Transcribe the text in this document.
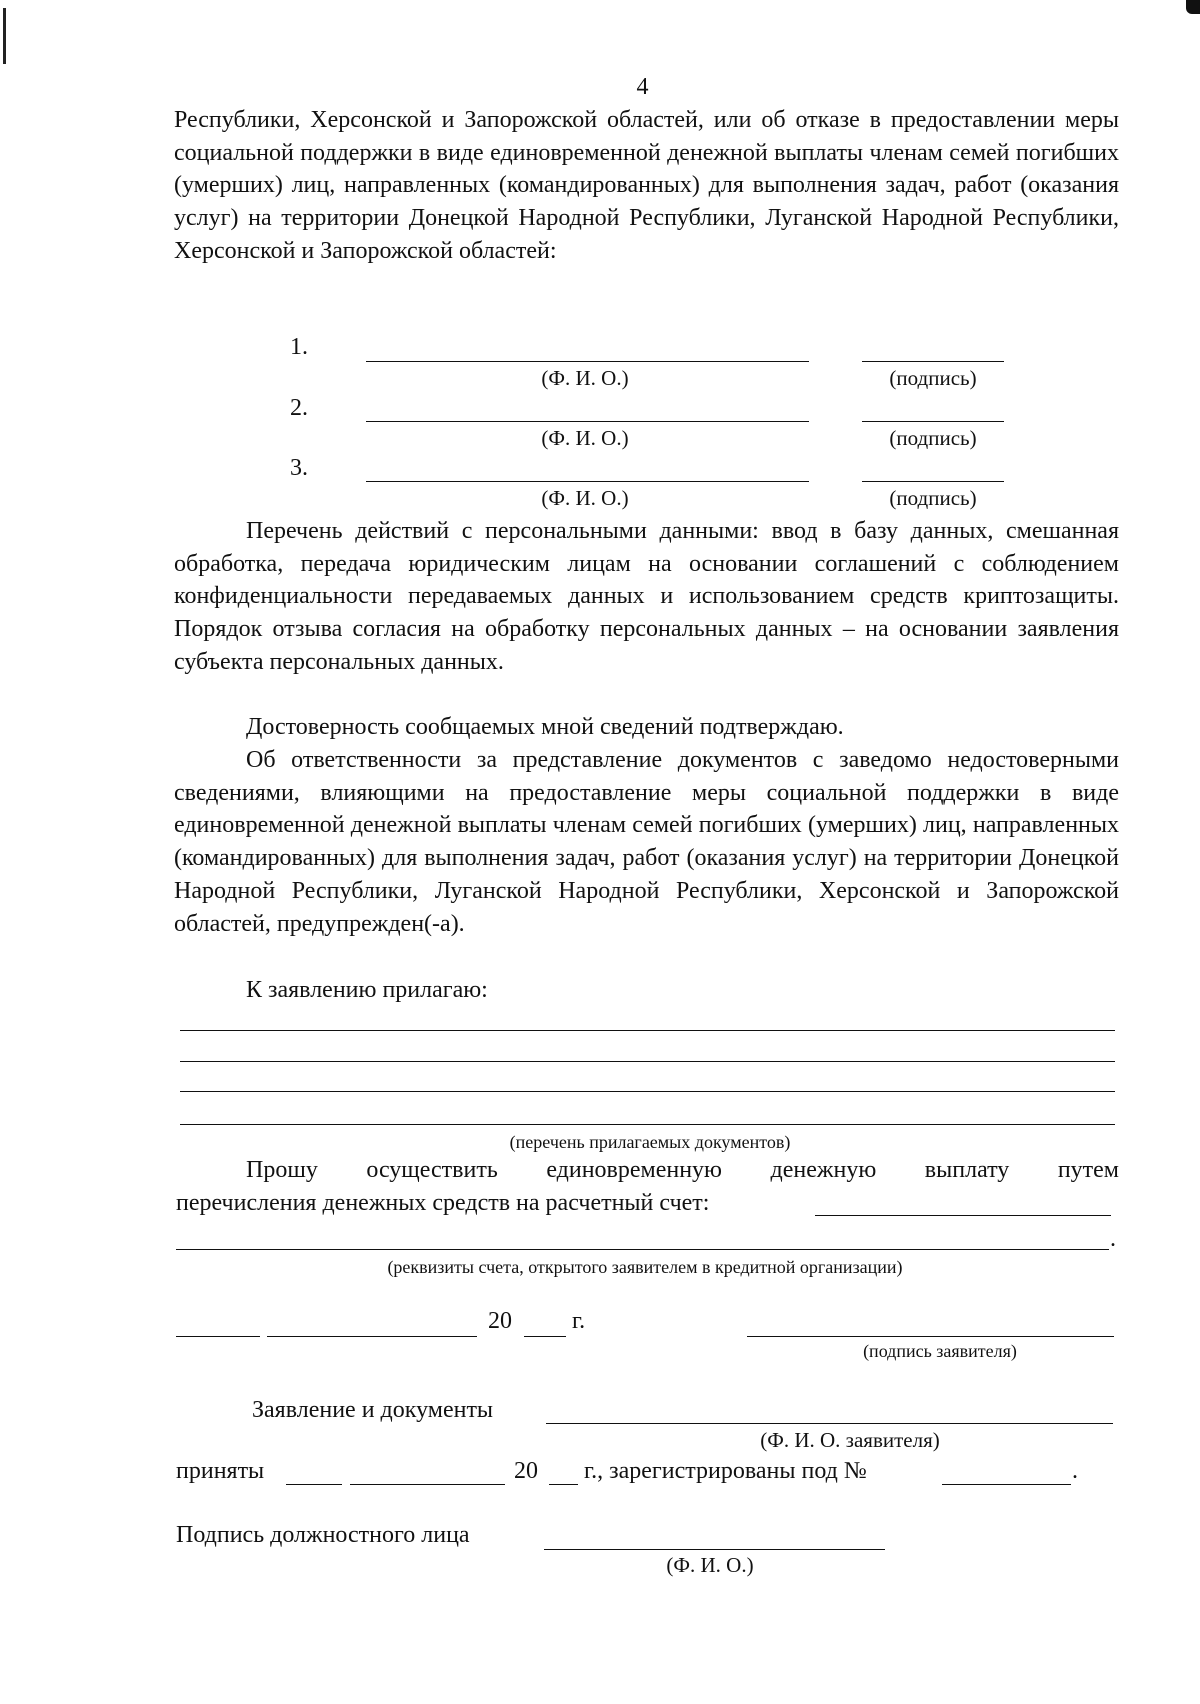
4

Республики, Херсонской и Запорожской областей, или об отказе в предоставлении меры социальной поддержки в виде единовременной денежной выплаты членам семей погибших (умерших) лиц, направленных (командированных) для выполнения задач, работ (оказания услуг) на территории Донецкой Народной Республики, Луганской Народной Республики, Херсонской и Запорожской областей:

1.
(Ф. И. О.)	(подпись)
2.
(Ф. И. О.)	(подпись)
3.
(Ф. И. О.)	(подпись)

Перечень действий с персональными данными: ввод в базу данных, смешанная обработка, передача юридическим лицам на основании соглашений с соблюдением конфиденциальности передаваемых данных и использованием средств криптозащиты. Порядок отзыва согласия на обработку персональных данных – на основании заявления субъекта персональных данных.

Достоверность сообщаемых мной сведений подтверждаю.

Об ответственности за представление документов с заведомо недостоверными сведениями, влияющими на предоставление меры социальной поддержки в виде единовременной денежной выплаты членам семей погибших (умерших) лиц, направленных (командированных) для выполнения задач, работ (оказания услуг) на территории Донецкой Народной Республики, Луганской Народной Республики, Херсонской и Запорожской областей, предупрежден(-а).

К заявлению прилагаю:

(перечень прилагаемых документов)
Прошу осуществить единовременную денежную выплату путем
перечисления денежных средств на расчетный счет:
.
(реквизиты счета, открытого заявителем в кредитной организации)
20	г.
(подпись заявителя)
Заявление и документы
(Ф. И. О. заявителя)
приняты	20 г., зарегистрированы под №	.
Подпись должностного лица
(Ф. И. О.)
